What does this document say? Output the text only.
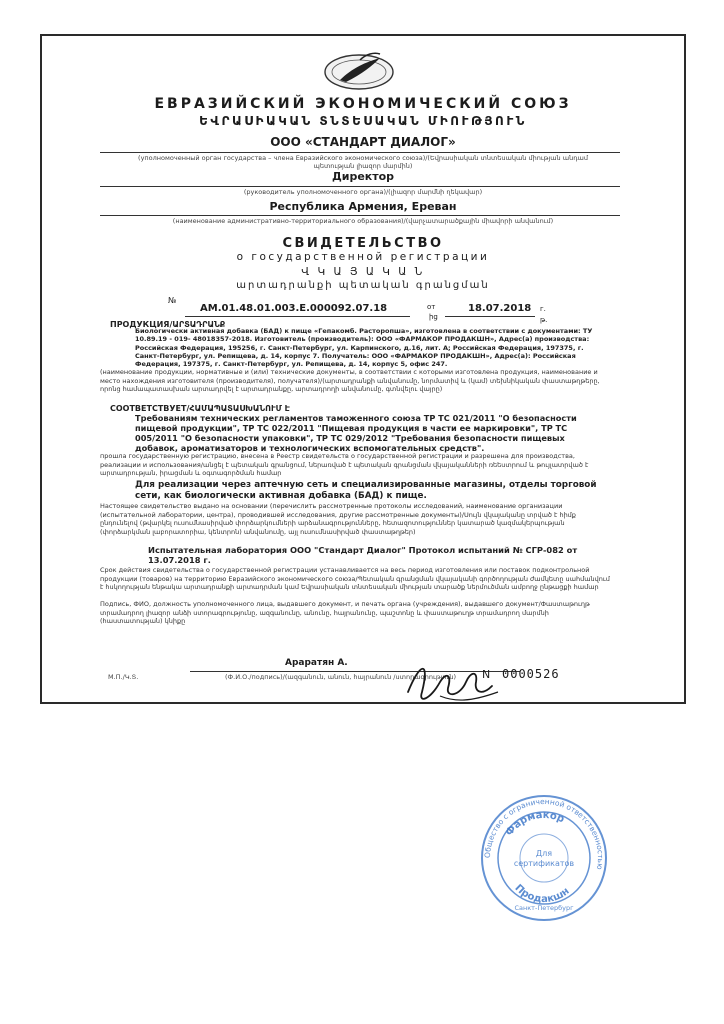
ЕВРАЗИЙСКИЙ ЭКОНОМИЧЕСКИЙ СОЮЗ
ԵՎՐԱՍԻԱԿԱՆ ՏՆՏԵՍԱԿԱՆ ՄԻՈՒԹՅՈՒՆ
ООО «СТАНДАРТ ДИАЛОГ»
(уполномоченный орган государства – члена Евразийского экономического союза)/(Եվրասիական տնտեսական միության անդամ պետության լիազոր մարմին)
Директор
(руководитель уполномоченного органа)/(լիազոր մարմնի ղեկավար)
Республика Армения, Ереван
(наименование административно-территориального образования)/(վարչատարածքային միավորի անվանում)
СВИДЕТЕЛЬСТВО
о государственной регистрации
Վ Կ Ա Յ Ա Կ Ա Ն
արտադրանքի պետական գրանցման
№
AM.01.48.01.003.E.000092.07.18	от
ից
18.07.2018 г.
թ.
ПРОДУКЦИЯ/ԱՐՏԱԴՐԱՆՔ
Биологически активная добавка (БАД) к пище «Гепакомб. Расторопша», изготовлена в соответствии с документами: ТУ 10.89.19 - 019- 48018357-2018. Изготовитель (производитель): ООО «ФАРМАКОР ПРОДАКШН», Адрес(а) производства: Российская Федерация, 195256, г. Санкт-Петербург, ул. Карпинского, д.16, лит. А; Российская Федерация, 197375, г. Санкт-Петербург, ул. Репищева, д. 14, корпус 7. Получатель: ООО «ФАРМАКОР ПРОДАКШН», Адрес(а): Российская Федерация, 197375, г. Санкт-Петербург, ул. Репищева, д. 14, корпус 5, офис 247.
(наименование продукции, нормативные и (или) технические документы, в соответствии с которыми изготовлена продукция, наименование и место нахождения изготовителя (производителя), получателя)/(արտադրանքի անվանումը, նորմատիվ և (կամ) տեխնիկական փաստաթղթերը, որոնց համապատասխան արտադրվել է արտադրանքը, արտադրողի անվանումը, գտնվելու վայրը)
СООТВЕТСТВУЕТ/ՀԱՄԱՊԱՏԱՍԽԱՆՈՒՄ Է
Требованиям технических регламентов таможенного союза ТР ТС 021/2011 "О безопасности пищевой продукции", ТР ТС 022/2011 "Пищевая продукция в части ее маркировки", ТР ТС 005/2011 "О безопасности упаковки", ТР ТС 029/2012 "Требования безопасности пищевых добавок, ароматизаторов и технологических вспомогательных средств".
прошла государственную регистрацию, внесена в Реестр свидетельств о государственной регистрации и разрешена для производства, реализации и использования/անցել է պետական գրանցում, ներառված է պետական գրանցման վկայականների ռեեստրում և թույլատրված է արտադրության, իրացման և օգտագործման համար
Для реализации через аптечную сеть и специализированные магазины, отделы торговой сети, как биологически активная добавка (БАД) к пище.
Настоящее свидетельство выдано на основании (перечислить рассмотренные протоколы исследований, наименование организации (испытательной лаборатории, центра), проводившей исследования, другие рассмотренные документы)/Սույն վկայականը տրված է հիմք ընդունելով (թվարկել ուսումնասիրված փորձարկումների արձանագրությունները, հետազոտություններ կատարած կազմակերպության (փորձարկման լաբորատորիա, կենտրոն) անվանումը, այլ ուսումնասիրված փաստաթղթեր)
Испытательная лаборатория ООО "Стандарт Диалог" Протокол испытаний № СГР-082 от 13.07.2018 г.
Срок действия свидетельства о государственной регистрации устанавливается на весь период изготовления или поставок подконтрольной продукции (товаров) на территорию Евразийского экономического союза/Պետական գրանցման վկայականի գործողության ժամկետը սահմանվում է հսկողության ենթակա արտադրանքի արտադրման կամ Եվրասիական տնտեսական միության տարածք ներմուծման ամբողջ ընթացքի համար
Подпись, ФИО, должность уполномоченного лица, выдавшего документ, и печать органа (учреждения), выдавшего документ/Փաստաթուղթ տրամադրող լիազոր անձի ստորագրությունը, ազգանունը, անունը, հայրանունը, պաշտոնը և փաստաթուղթ տրամադրող մարմնի (հաստատության) կնիքը
Араратян А.
(Ф.И.О./подпись)/(ազգանուն, անուն, հայրանուն /ստորագրություն)
М.П./Կ.Տ.	N 0000526
Общество с ограниченной ответственностью
Фармакор
Для
сертификатов
Продакшн
Санкт-Петербург
